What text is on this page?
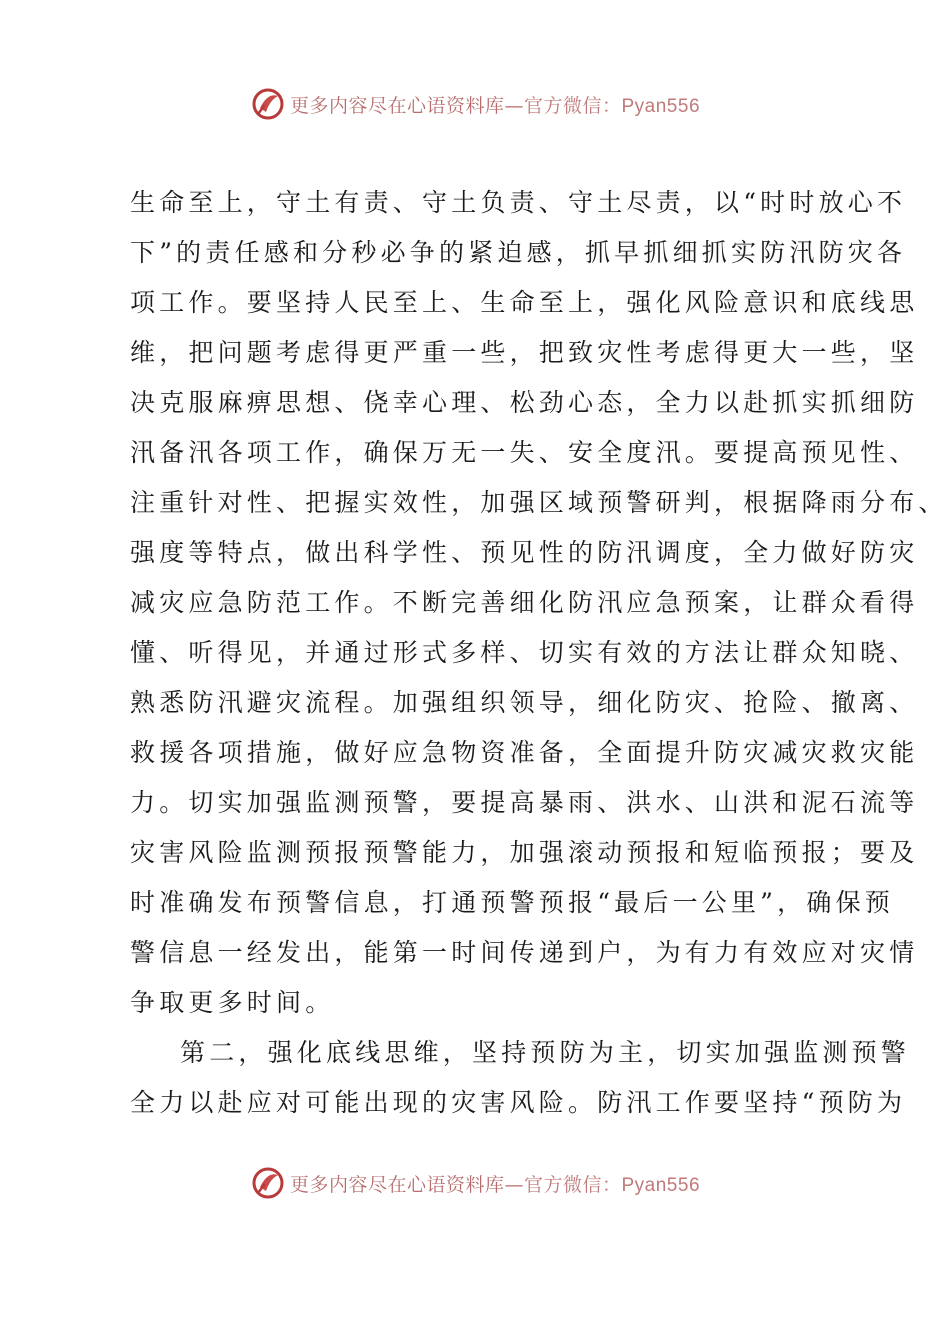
更多内容尽在心语资料库—官方微信：Pyan556
生命至上，守土有责、守土负责、守土尽责，以“时时放心不
下”的责任感和分秒必争的紧迫感，抓早抓细抓实防汛防灾各
项工作。要坚持人民至上、生命至上，强化风险意识和底线思
维，把问题考虑得更严重一些，把致灾性考虑得更大一些，坚
决克服麻痹思想、侥幸心理、松劲心态，全力以赴抓实抓细防
汛备汛各项工作，确保万无一失、安全度汛。要提高预见性、
注重针对性、把握实效性，加强区域预警研判，根据降雨分布、
强度等特点，做出科学性、预见性的防汛调度，全力做好防灾
减灾应急防范工作。不断完善细化防汛应急预案，让群众看得
懂、听得见，并通过形式多样、切实有效的方法让群众知晓、
熟悉防汛避灾流程。加强组织领导，细化防灾、抢险、撤离、
救援各项措施，做好应急物资准备，全面提升防灾减灾救灾能
力。切实加强监测预警，要提高暴雨、洪水、山洪和泥石流等
灾害风险监测预报预警能力，加强滚动预报和短临预报；要及
时准确发布预警信息，打通预警预报“最后一公里”，确保预
警信息一经发出，能第一时间传递到户，为有力有效应对灾情
争取更多时间。
第二，强化底线思维，坚持预防为主，切实加强监测预警
全力以赴应对可能出现的灾害风险。防汛工作要坚持“预防为
更多内容尽在心语资料库—官方微信：Pyan556
